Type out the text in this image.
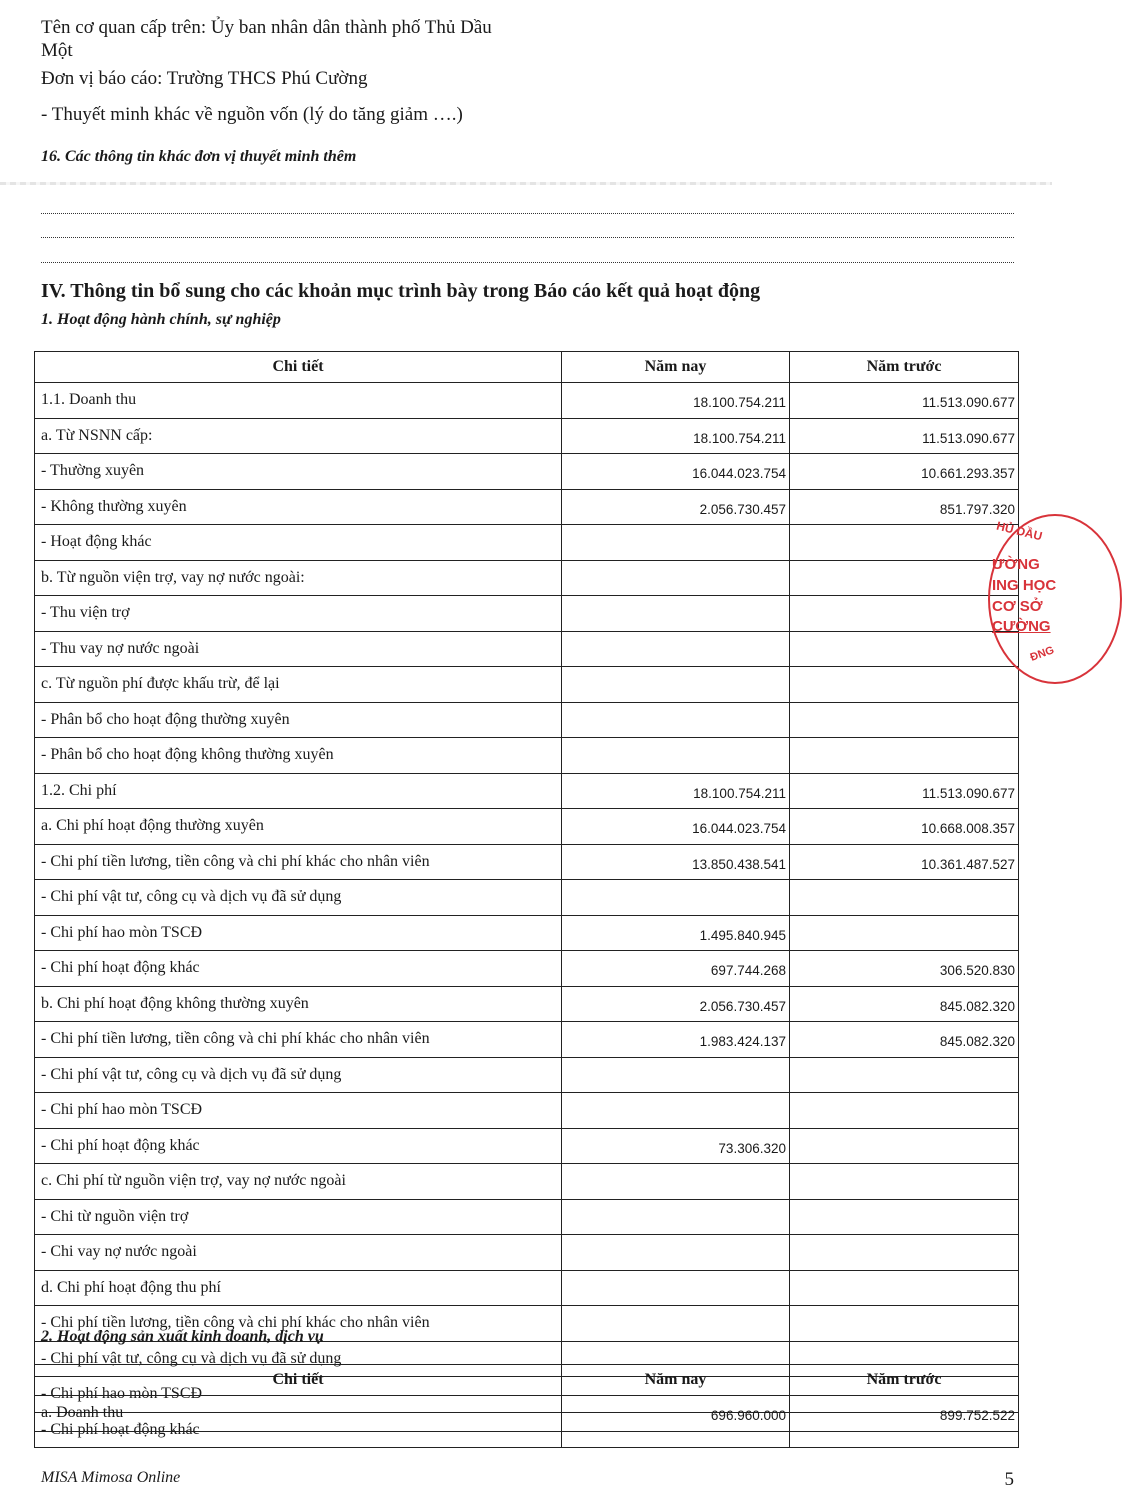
Tên cơ quan cấp trên: Ủy ban nhân dân thành phố Thủ Dầu
Một
Đơn vị báo cáo: Trường THCS Phú Cường
- Thuyết minh khác về nguồn vốn (lý do tăng giảm ….)
16. Các thông tin khác đơn vị thuyết minh thêm
IV. Thông tin bổ sung cho các khoản mục trình bày trong Báo cáo kết quả hoạt động
1. Hoạt động hành chính, sự nghiệp
Chi tiết	Năm nay	Năm trước
1.1. Doanh thu	18.100.754.211	11.513.090.677
a. Từ NSNN cấp:	18.100.754.211	11.513.090.677
- Thường xuyên	16.044.023.754	10.661.293.357
- Không thường xuyên	2.056.730.457	851.797.320
- Hoạt động khác		
b. Từ nguồn viện trợ, vay nợ nước ngoài:		
- Thu viện trợ		
- Thu vay nợ nước ngoài		
c. Từ nguồn phí được khấu trừ, để lại		
- Phân bổ cho hoạt động thường xuyên		
- Phân bổ cho hoạt động không thường xuyên		
1.2. Chi phí	18.100.754.211	11.513.090.677
a. Chi phí hoạt động thường xuyên	16.044.023.754	10.668.008.357
- Chi phí tiền lương, tiền công và chi phí khác cho nhân viên	13.850.438.541	10.361.487.527
- Chi phí vật tư, công cụ và dịch vụ đã sử dụng		
- Chi phí hao mòn TSCĐ	1.495.840.945	
- Chi phí hoạt động khác	697.744.268	306.520.830
b. Chi phí hoạt động không thường xuyên	2.056.730.457	845.082.320
- Chi phí tiền lương, tiền công và chi phí khác cho nhân viên	1.983.424.137	845.082.320
- Chi phí vật tư, công cụ và dịch vụ đã sử dụng		
- Chi phí hao mòn TSCĐ		
- Chi phí hoạt động khác	73.306.320	
c. Chi phí từ nguồn viện trợ, vay nợ nước ngoài		
- Chi từ nguồn viện trợ		
- Chi vay nợ nước ngoài		
d. Chi phí hoạt động thu phí		
- Chi phí tiền lương, tiền công và chi phí khác cho nhân viên		
- Chi phí vật tư, công cụ và dịch vụ đã sử dụng		
- Chi phí hao mòn TSCĐ		
- Chi phí hoạt động khác		
HỦ DẦU
ƯỜNG
ING HỌC
CƠ SỞ
CƯỜNG
ĐNG
2. Hoạt động sản xuất kinh doanh, dịch vụ
Chi tiết	Năm nay	Năm trước
a. Doanh thu	696.960.000	899.752.522
MISA Mimosa Online	5
